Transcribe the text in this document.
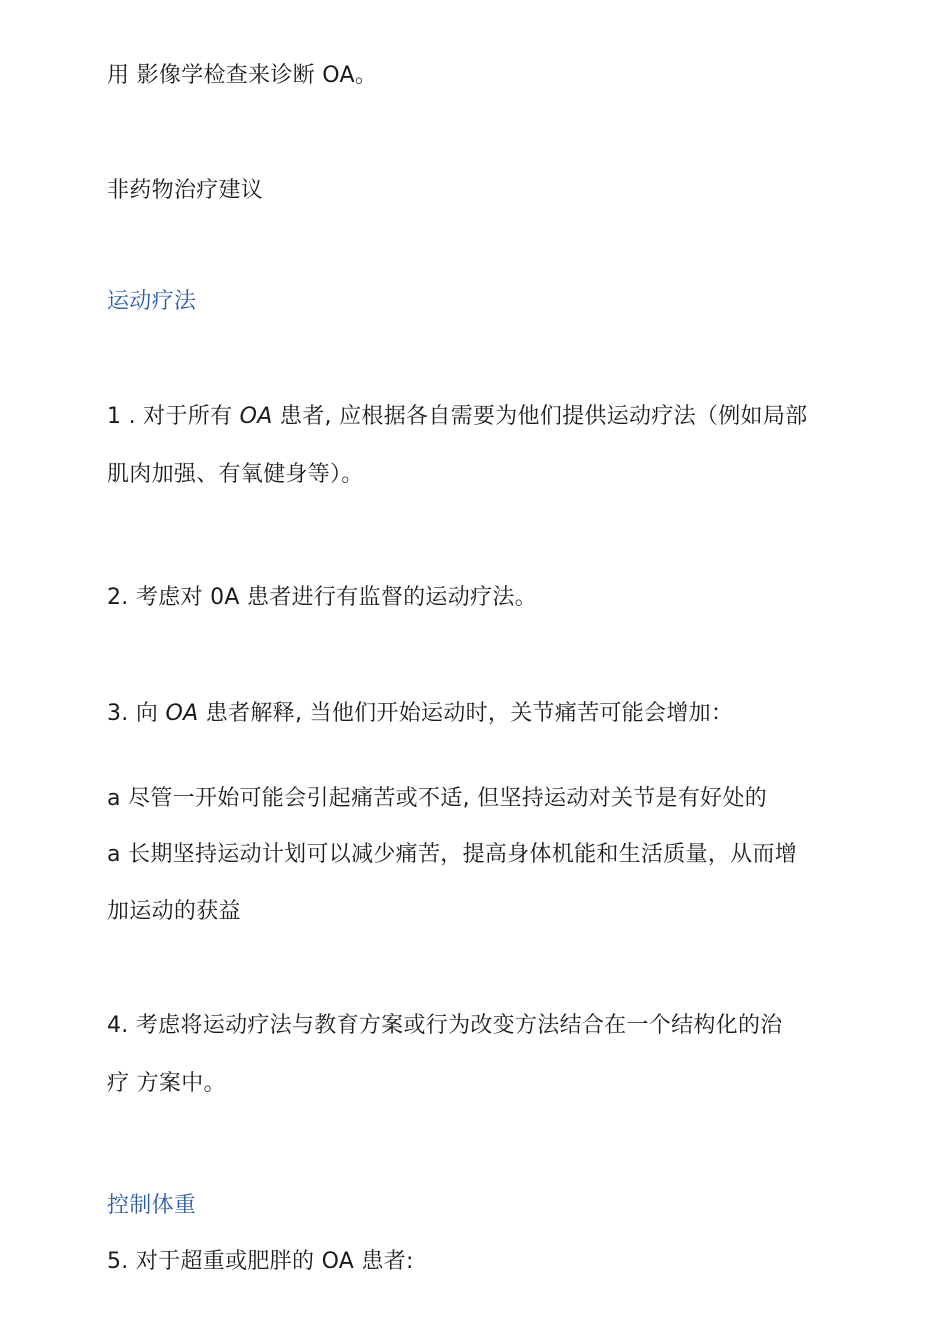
用 影像学检查来诊断 OA。
非药物治疗建议
运动疗法
1 . 对于所有 OA 患者, 应根据各自需要为他们提供运动疗法（例如局部
肌肉加强、有氧健身等）。
2. 考虑对 0A 患者进行有监督的运动疗法。
3. 向 OA 患者解释, 当他们开始运动时，关节痛苦可能会增加：
a 尽管一开始可能会引起痛苦或不适, 但坚持运动对关节是有好处的
a 长期坚持运动计划可以减少痛苦，提高身体机能和生活质量，从而增
加运动的获益
4. 考虑将运动疗法与教育方案或行为改变方法结合在一个结构化的治
疗 方案中。
控制体重
5. 对于超重或肥胖的 OA 患者:
